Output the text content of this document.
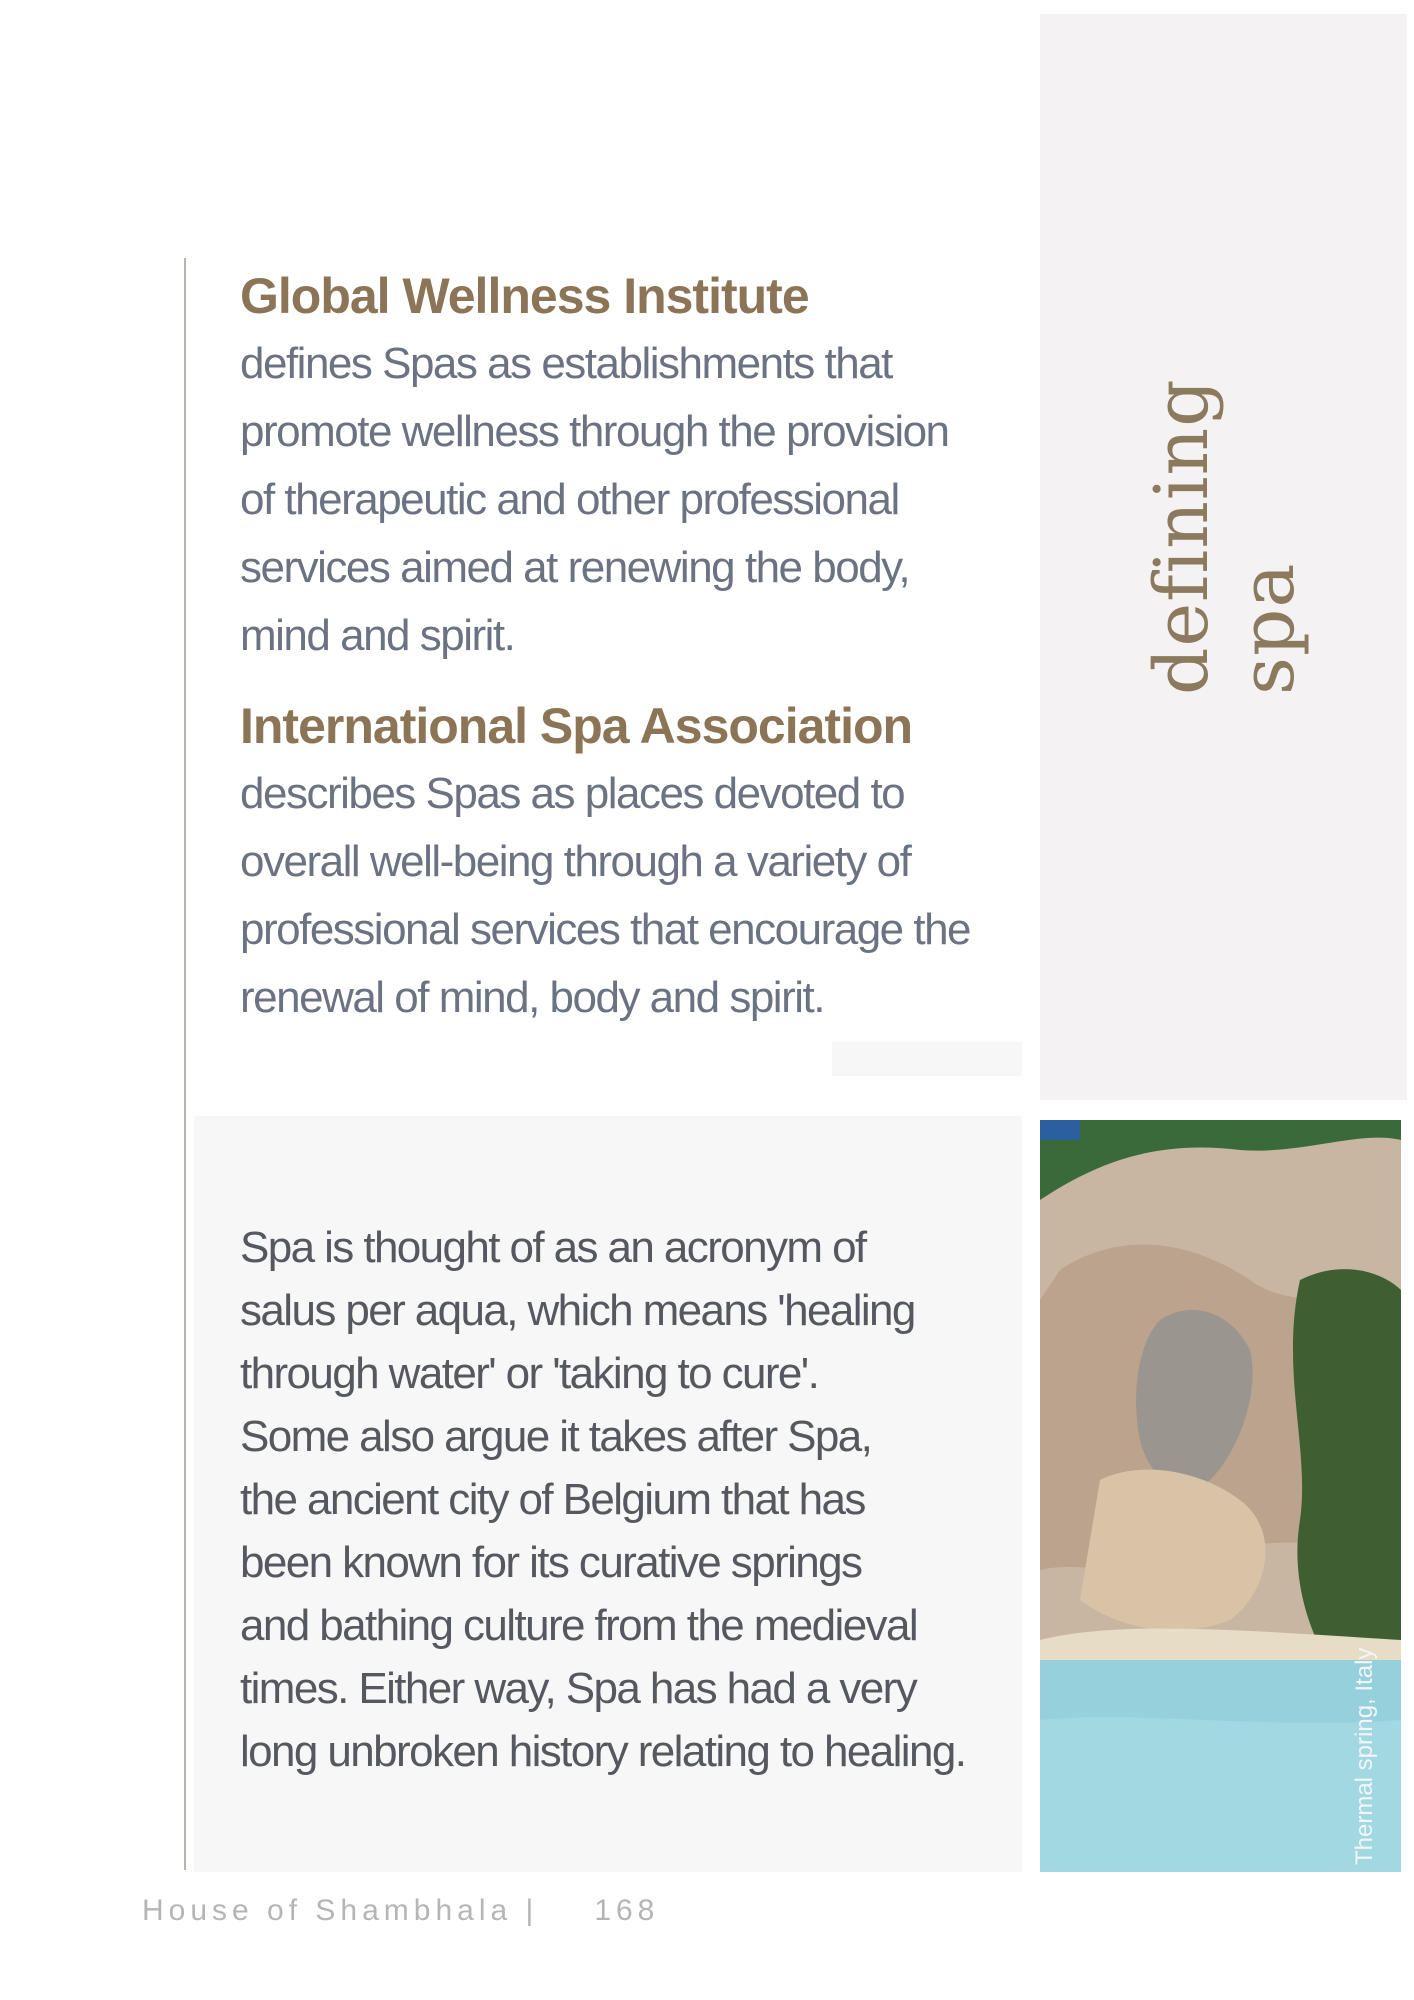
defining spa
Global Wellness Institute

defines Spas as establishments that
promote wellness through the provision
of therapeutic and other professional
services aimed at renewing the body,
mind and spirit.

International Spa Association

describes Spas as places devoted to
overall well-being through a variety of
professional services that encourage the
renewal of mind, body and spirit.

Spa is thought of as an acronym of
salus per aqua, which means 'healing
through water' or 'taking to cure'.
Some also argue it takes after Spa,
the ancient city of Belgium that has
been known for its curative springs
and bathing culture from the medieval
times. Either way, Spa has had a very
long unbroken history relating to healing.	Thermal spring, Italy
House of Shambhala | 168
